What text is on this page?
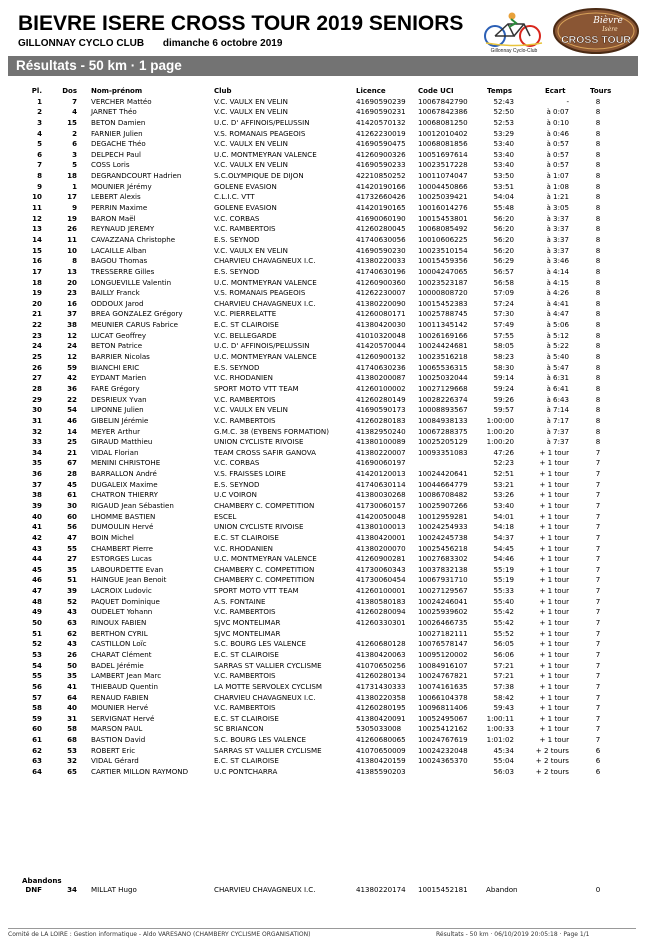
BIEVRE ISERE CROSS TOUR 2019 SENIORS
GILLONNAY CYCLO CLUB dimanche 6 octobre 2019
Gillonnay Cyclo-Club
Bièvre
Isère
CROSS TOUR
Résultats - 50 km · 1 page
Pl.	Dos Nom-prénom	Club	Licence	Code UCI	Temps	Ecart	Tours
1	7 VERCHER Mattéo	V.C. VAULX EN VELIN	41690590239	10067842790	52:43	-	8
2	4 JARNET Théo	V.C. VAULX EN VELIN	41690590231	10067842386	52:50	à 0:07	8
3	15 BETON Damien	U.C. D' AFFINOIS/PELUSSIN	41420570132	10068081250	52:53	à 0:10	8
4	2 FARNIER Julien	V.S. ROMANAIS PEAGEOIS	41262230019	10012010402	53:29	à 0:46	8
5	6 DEGACHE Théo	V.C. VAULX EN VELIN	41690590475	10068081856	53:40	à 0:57	8
6	3 DELPECH Paul	U.C. MONTMEYRAN VALENCE	41260900326	10051697614	53:40	à 0:57	8
7	5 COSS Loris	V.C. VAULX EN VELIN	41690590233	10023517228	53:40	à 0:57	8
8	18 DEGRANDCOURT Hadrien	S.C.OLYMPIQUE DE DIJON	42210850252	10011074047	53:50	à 1:07	8
9	1 MOUNIER Jérémy	GOLENE EVASION	41420190166	10004450866	53:51	à 1:08	8
10	17 LEBERT Alexis	C.L.I.C. VTT	41732660426	10025039421	54:04	à 1:21	8
11	9 PERRIN Maxime	GOLENE EVASION	41420190165	10016014276	55:48	à 3:05	8
12	19 BARON Maël	V.C. CORBAS	41690060190	10015453801	56:20	à 3:37	8
13	26 REYNAUD JEREMY	V.C. RAMBERTOIS	41260280045	10068085492	56:20	à 3:37	8
14	11 CAVAZZANA Christophe	E.S. SEYNOD	41740630056	10010606225	56:20	à 3:37	8
15	10 LACAILLE Alban	V.C. VAULX EN VELIN	41690590230	10023510154	56:20	à 3:37	8
16	8 BAGOU Thomas	CHARVIEU CHAVAGNEUX I.C.	41380220033	10015459356	56:29	à 3:46	8
17	13 TRESSERRE Gilles	E.S. SEYNOD	41740630196	10004247065	56:57	à 4:14	8
18	20 LONGUEVILLE Valentin	U.C. MONTMEYRAN VALENCE	41260900360	10023523187	56:58	à 4:15	8
19	23 BAILLY Franck	V.S. ROMANAIS PEAGEOIS	41262230007	10000808720	57:09	à 4:26	8
20	16 ODDOUX Jarod	CHARVIEU CHAVAGNEUX I.C.	41380220090	10015452383	57:24	à 4:41	8
21	37 BREA GONZALEZ Grégory	V.C. PIERRELATTE	41260080171	10025788745	57:30	à 4:47	8
22	38 MEUNIER CARUS Fabrice	E.C. ST CLAIROISE	41380420030	10011345142	57:49	à 5:06	8
23	12 LUCAT Geoffrey	V.C. BELLEGARDE	41010320048	10026169166	57:55	à 5:12	8
24	24 BETON Patrice	U.C. D' AFFINOIS/PELUSSIN	41420570044	10024424681	58:05	à 5:22	8
25	12 BARRIER Nicolas	U.C. MONTMEYRAN VALENCE	41260900132	10023516218	58:23	à 5:40	8
26	59 BIANCHI ERIC	E.S. SEYNOD	41740630236	10065536315	58:30	à 5:47	8
27	42 EYDANT Marien	V.C. RHODANIEN	41380200087	10025032044	59:14	à 6:31	8
28	36 FARE Grégory	SPORT MOTO VTT TEAM	41260100002	10027129668	59:24	à 6:41	8
29	22 DESRIEUX Yvan	V.C. RAMBERTOIS	41260280149	10028226374	59:26	à 6:43	8
30	54 LIPONNE Julien	V.C. VAULX EN VELIN	41690590173	10008893567	59:57	à 7:14	8
31	46 GIBELIN Jérémie	V.C. RAMBERTOIS	41260280183	10084938133	1:00:00	à 7:17	8
32	14 MEYER Arthur	G.M.C. 38 (EYBENS FORMATION)	41382950240	10067288375	1:00:20	à 7:37	8
33	25 GIRAUD Matthieu	UNION CYCLISTE RIVOISE	41380100089	10025205129	1:00:20	à 7:37	8
34	21 VIDAL Florian	TEAM CROSS SAFIR GANOVA	41380220007	10093351083	47:26	+ 1 tour	7
35	67 MENINI CHRISTOHE	V.C. CORBAS	41690060197	52:23	+ 1 tour	7
36	28 BARRALLON André	V.S. FRAISSES LOIRE	41420120013	10024420641	52:51	+ 1 tour	7
37	45 DUGALEIX Maxime	E.S. SEYNOD	41740630114	10044664779	53:21	+ 1 tour	7
38	61 CHATRON THIERRY	U.C VOIRON	41380030268	10086708482	53:26	+ 1 tour	7
39	30 RIGAUD Jean Sébastien	CHAMBERY C. COMPETITION	41730060157	10025907266	53:40	+ 1 tour	7
40	60 LHOMME BASTIEN	ESCEL	41420050048	10012959281	54:01	+ 1 tour	7
41	56 DUMOULIN Hervé	UNION CYCLISTE RIVOISE	41380100013	10024254933	54:18	+ 1 tour	7
42	47 BOIN Michel	E.C. ST CLAIROISE	41380420001	10024245738	54:37	+ 1 tour	7
43	55 CHAMBERT Pierre	V.C. RHODANIEN	41380200070	10025456218	54:45	+ 1 tour	7
44	27 ESTORGES Lucas	U.C. MONTMEYRAN VALENCE	41260900281	10027683302	54:46	+ 1 tour	7
45	35 LABOURDETTE Evan	CHAMBERY C. COMPETITION	41730060343	10037832138	55:19	+ 1 tour	7
46	51 HAINGUE Jean Benoit	CHAMBERY C. COMPETITION	41730060454	10067931710	55:19	+ 1 tour	7
47	39 LACROIX Ludovic	SPORT MOTO VTT TEAM	41260100001	10027129567	55:33	+ 1 tour	7
48	52 PAQUET Dominique	A.S. FONTAINE	41380580183	10024246041	55:40	+ 1 tour	7
49	43 OUDELET Yohann	V.C. RAMBERTOIS	41260280094	10025939602	55:42	+ 1 tour	7
50	63 RINOUX FABIEN	SJVC MONTELIMAR	41260330301	10026466735	55:42	+ 1 tour	7
51	62 BERTHON CYRIL	SJVC MONTELIMAR	10027182111	55:52	+ 1 tour	7
52	43 CASTILLON Loïc	S.C. BOURG LES VALENCE	41260680128	10076578147	56:05	+ 1 tour	7
53	26 CHARAT Clément	E.C. ST CLAIROISE	41380420063	10095120002	56:06	+ 1 tour	7
54	50 BADEL Jérémie	SARRAS ST VALLIER CYCLISME	41070650256	10084916107	57:21	+ 1 tour	7
55	35 LAMBERT Jean Marc	V.C. RAMBERTOIS	41260280134	10024767821	57:21	+ 1 tour	7
56	41 THIEBAUD Quentin	LA MOTTE SERVOLEX CYCLISM	41731430333	10074161635	57:38	+ 1 tour	7
57	64 RENAUD FABIEN	CHARVIEU CHAVAGNEUX I.C.	41380220358	10066104378	58:42	+ 1 tour	7
58	40 MOUNIER Hervé	V.C. RAMBERTOIS	41260280195	10096811406	59:43	+ 1 tour	7
59	31 SERVIGNAT Hervé	E.C. ST CLAIROISE	41380420091	10052495067	1:00:11	+ 1 tour	7
60	58 MARSON PAUL	SC BRIANCON	5305033008	10025412162	1:00:33	+ 1 tour	7
61	68 BASTION David	S.C. BOURG LES VALENCE	41260680065	10024767619	1:01:02	+ 1 tour	7
62	53 ROBERT Eric	SARRAS ST VALLIER CYCLISME	41070650009	10024232048	45:34	+ 2 tours	6
63	32 VIDAL Gérard	E.C. ST CLAIROISE	41380420159	10024365370	55:04	+ 2 tours	6
64	65 CARTIER MILLON RAYMOND	U.C PONTCHARRA	41385590203	56:03	+ 2 tours	6
Abandons
DNF	34 MILLAT Hugo	CHARVIEU CHAVAGNEUX I.C.	41380220174	10015452181	Abandon	0
Comité de LA LOIRE : Gestion informatique - Aldo VARESANO (CHAMBERY CYCLISME ORGANISATION)	Résultats - 50 km · 06/10/2019 20:05:18 · Page 1/1
